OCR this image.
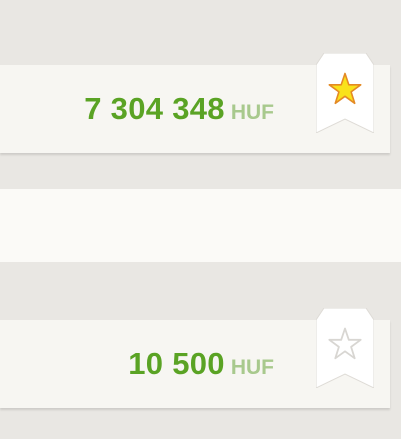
7 304 348 HUF
10 500 HUF
